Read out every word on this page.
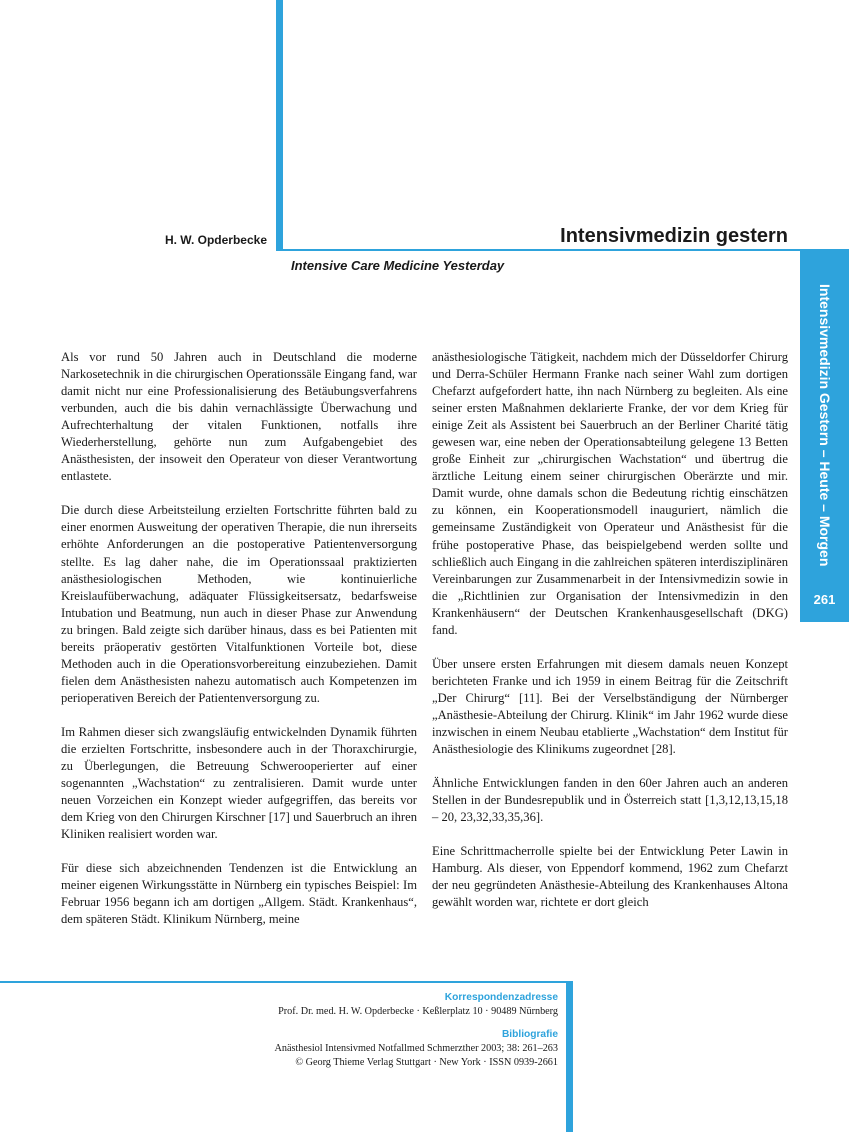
H. W. Opderbecke	Intensivmedizin gestern
Intensive Care Medicine Yesterday
Intensivmedizin Gestern – Heute – Morgen
261

Als vor rund 50 Jahren auch in Deutschland die moderne Narkosetechnik in die chirurgischen Operationssäle Eingang fand, war damit nicht nur eine Professionalisierung des Betäubungsverfahrens verbunden, auch die bis dahin vernachlässigte Überwachung und Aufrechterhaltung der vitalen Funktionen, notfalls ihre Wiederherstellung, gehörte nun zum Aufgabengebiet des Anästhesisten, der insoweit den Operateur von dieser Verantwortung entlastete.

Die durch diese Arbeitsteilung erzielten Fortschritte führten bald zu einer enormen Ausweitung der operativen Therapie, die nun ihrerseits erhöhte Anforderungen an die postoperative Patientenversorgung stellte. Es lag daher nahe, die im Operationssaal praktizierten anästhesiologischen Methoden, wie kontinuierliche Kreislaufüberwachung, adäquater Flüssigkeitsersatz, bedarfsweise Intubation und Beatmung, nun auch in dieser Phase zur Anwendung zu bringen. Bald zeigte sich darüber hinaus, dass es bei Patienten mit bereits präoperativ gestörten Vitalfunktionen Vorteile bot, diese Methoden auch in die Operationsvorbereitung einzubeziehen. Damit fielen dem Anästhesisten nahezu automatisch auch Kompetenzen im perioperativen Bereich der Patientenversorgung zu.

Im Rahmen dieser sich zwangsläufig entwickelnden Dynamik führten die erzielten Fortschritte, insbesondere auch in der Thoraxchirurgie, zu Überlegungen, die Betreuung Schwerooperierter auf einer sogenannten „Wachstation“ zu zentralisieren. Damit wurde unter neuen Vorzeichen ein Konzept wieder aufgegriffen, das bereits vor dem Krieg von den Chirurgen Kirschner [17] und Sauerbruch an ihren Kliniken realisiert worden war.

Für diese sich abzeichnenden Tendenzen ist die Entwicklung an meiner eigenen Wirkungsstätte in Nürnberg ein typisches Beispiel: Im Februar 1956 begann ich am dortigen „Allgem. Städt. Krankenhaus“, dem späteren Städt. Klinikum Nürnberg, meine

anästhesiologische Tätigkeit, nachdem mich der Düsseldorfer Chirurg und Derra-Schüler Hermann Franke nach seiner Wahl zum dortigen Chefarzt aufgefordert hatte, ihn nach Nürnberg zu begleiten. Als eine seiner ersten Maßnahmen deklarierte Franke, der vor dem Krieg für einige Zeit als Assistent bei Sauerbruch an der Berliner Charité tätig gewesen war, eine neben der Operationsabteilung gelegene 13 Betten große Einheit zur „chirurgischen Wachstation“ und übertrug die ärztliche Leitung einem seiner chirurgischen Oberärzte und mir. Damit wurde, ohne damals schon die Bedeutung richtig einschätzen zu können, ein Kooperationsmodell inauguriert, nämlich die gemeinsame Zuständigkeit von Operateur und Anästhesist für die frühe postoperative Phase, das beispielgebend werden sollte und schließlich auch Eingang in die zahlreichen späteren interdisziplinären Vereinbarungen zur Zusammenarbeit in der Intensivmedizin sowie in die „Richtlinien zur Organisation der Intensivmedizin in den Krankenhäusern“ der Deutschen Krankenhausgesellschaft (DKG) fand.

Über unsere ersten Erfahrungen mit diesem damals neuen Konzept berichteten Franke und ich 1959 in einem Beitrag für die Zeitschrift „Der Chirurg“ [11]. Bei der Verselbständigung der Nürnberger „Anästhesie-Abteilung der Chirurg. Klinik“ im Jahr 1962 wurde diese inzwischen in einem Neubau etablierte „Wachstation“ dem Institut für Anästhesiologie des Klinikums zugeordnet [28].

Ähnliche Entwicklungen fanden in den 60er Jahren auch an anderen Stellen in der Bundesrepublik und in Österreich statt [1,3,12,13,15,18 – 20, 23,32,33,35,36].

Eine Schrittmacherrolle spielte bei der Entwicklung Peter Lawin in Hamburg. Als dieser, von Eppendorf kommend, 1962 zum Chefarzt der neu gegründeten Anästhesie-Abteilung des Krankenhauses Altona gewählt worden war, richtete er dort gleich

Korrespondenzadresse
Prof. Dr. med. H. W. Opderbecke · Keßlerplatz 10 · 90489 Nürnberg
Bibliografie
Anästhesiol Intensivmed Notfallmed Schmerzther 2003; 38: 261–263
© Georg Thieme Verlag Stuttgart · New York · ISSN 0939-2661
